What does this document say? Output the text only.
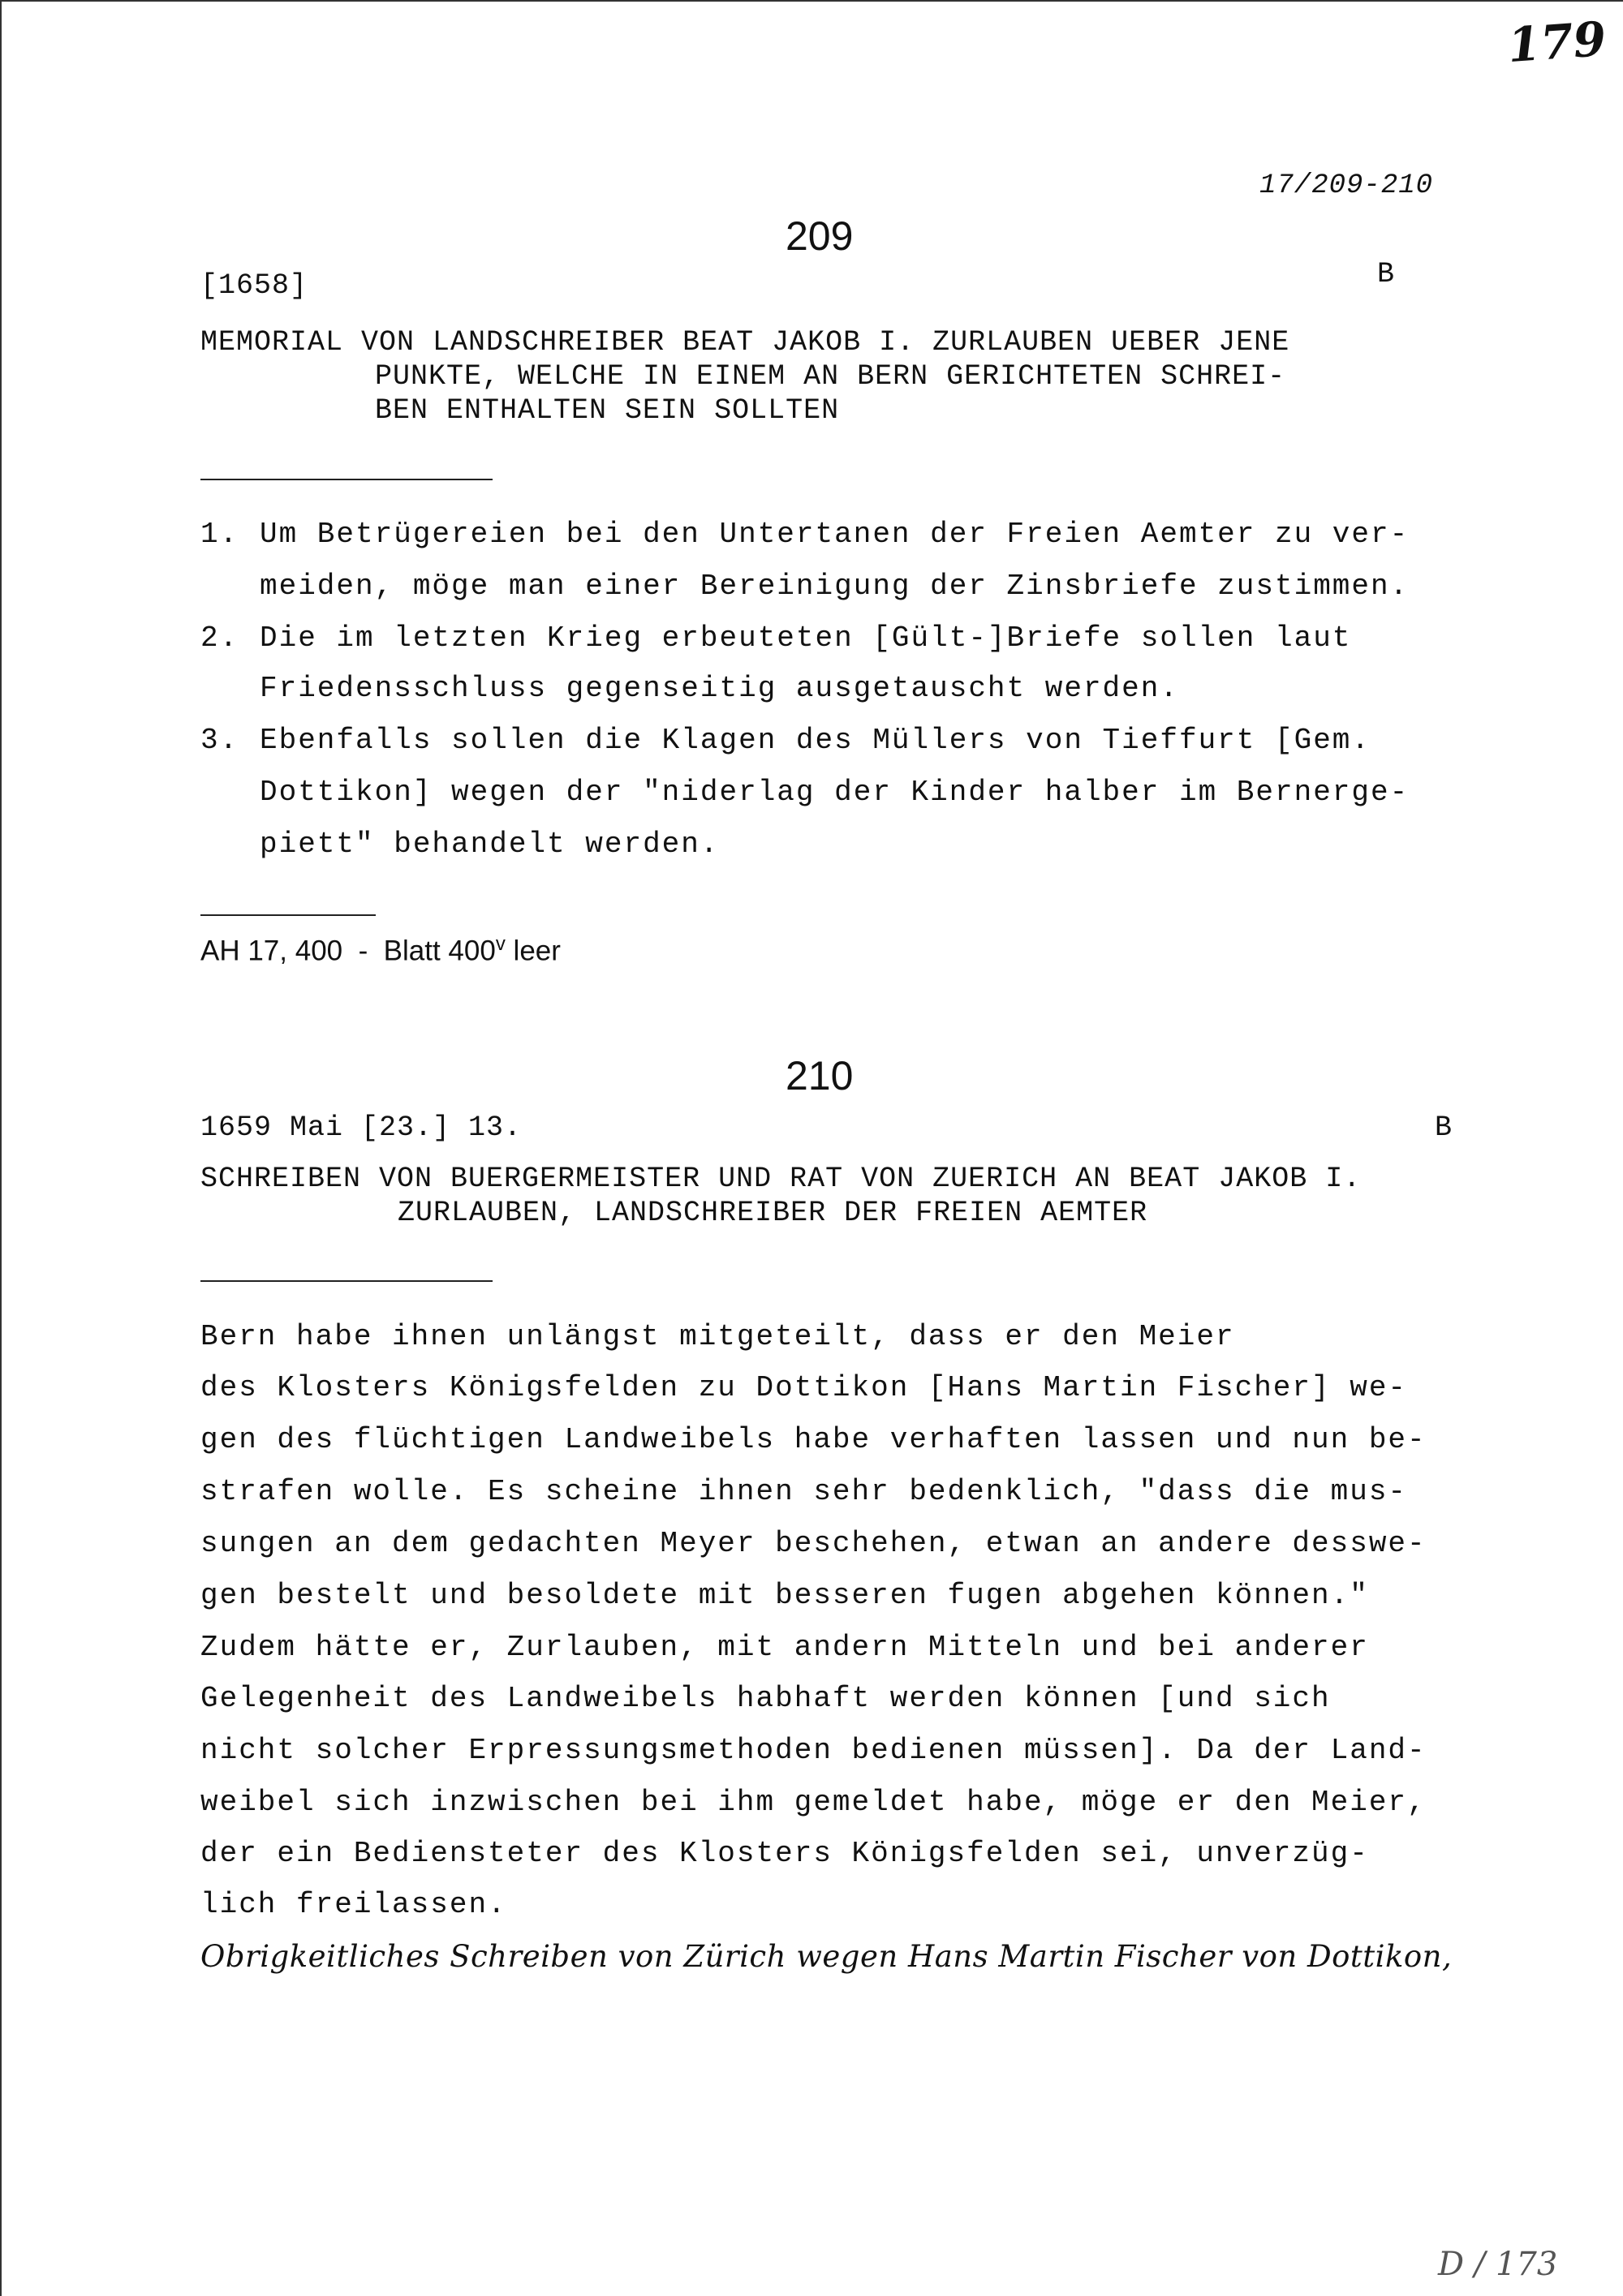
179
17/209-210
209
[1658]	B
MEMORIAL VON LANDSCHREIBER BEAT JAKOB I. ZURLAUBEN UEBER JENE
PUNKTE, WELCHE IN EINEM AN BERN GERICHTETEN SCHREI-
BEN ENTHALTEN SEIN SOLLTEN
1. Um Betrügereien bei den Untertanen der Freien Aemter zu ver-
meiden, möge man einer Bereinigung der Zinsbriefe zustimmen.
2. Die im letzten Krieg erbeuteten [Gült-]Briefe sollen laut
Friedensschluss gegenseitig ausgetauscht werden.
3. Ebenfalls sollen die Klagen des Müllers von Tieffurt [Gem.
Dottikon] wegen der "niderlag der Kinder halber im Bernerge-
piett" behandelt werden.
AH 17, 400  -  Blatt 400$^v$ leer
210
1659 Mai [23.] 13.	B
SCHREIBEN VON BUERGERMEISTER UND RAT VON ZUERICH AN BEAT JAKOB I.
ZURLAUBEN, LANDSCHREIBER DER FREIEN AEMTER
Bern habe ihnen unlängst mitgeteilt, dass er den Meier
des Klosters Königsfelden zu Dottikon [Hans Martin Fischer] we-
gen des flüchtigen Landweibels habe verhaften lassen und nun be-
strafen wolle. Es scheine ihnen sehr bedenklich, "dass die mus-
sungen an dem gedachten Meyer beschehen, etwan an andere desswe-
gen bestelt und besoldete mit besseren fugen abgehen können."
Zudem hätte er, Zurlauben, mit andern Mitteln und bei anderer
Gelegenheit des Landweibels habhaft werden können [und sich
nicht solcher Erpressungsmethoden bedienen müssen]. Da der Land-
weibel sich inzwischen bei ihm gemeldet habe, möge er den Meier,
der ein Bediensteter des Klosters Königsfelden sei, unverzüg-
lich freilassen.
Obrigkeitliches Schreiben von Zürich wegen Hans Martin Fischer von Dottikon,
D / 173
